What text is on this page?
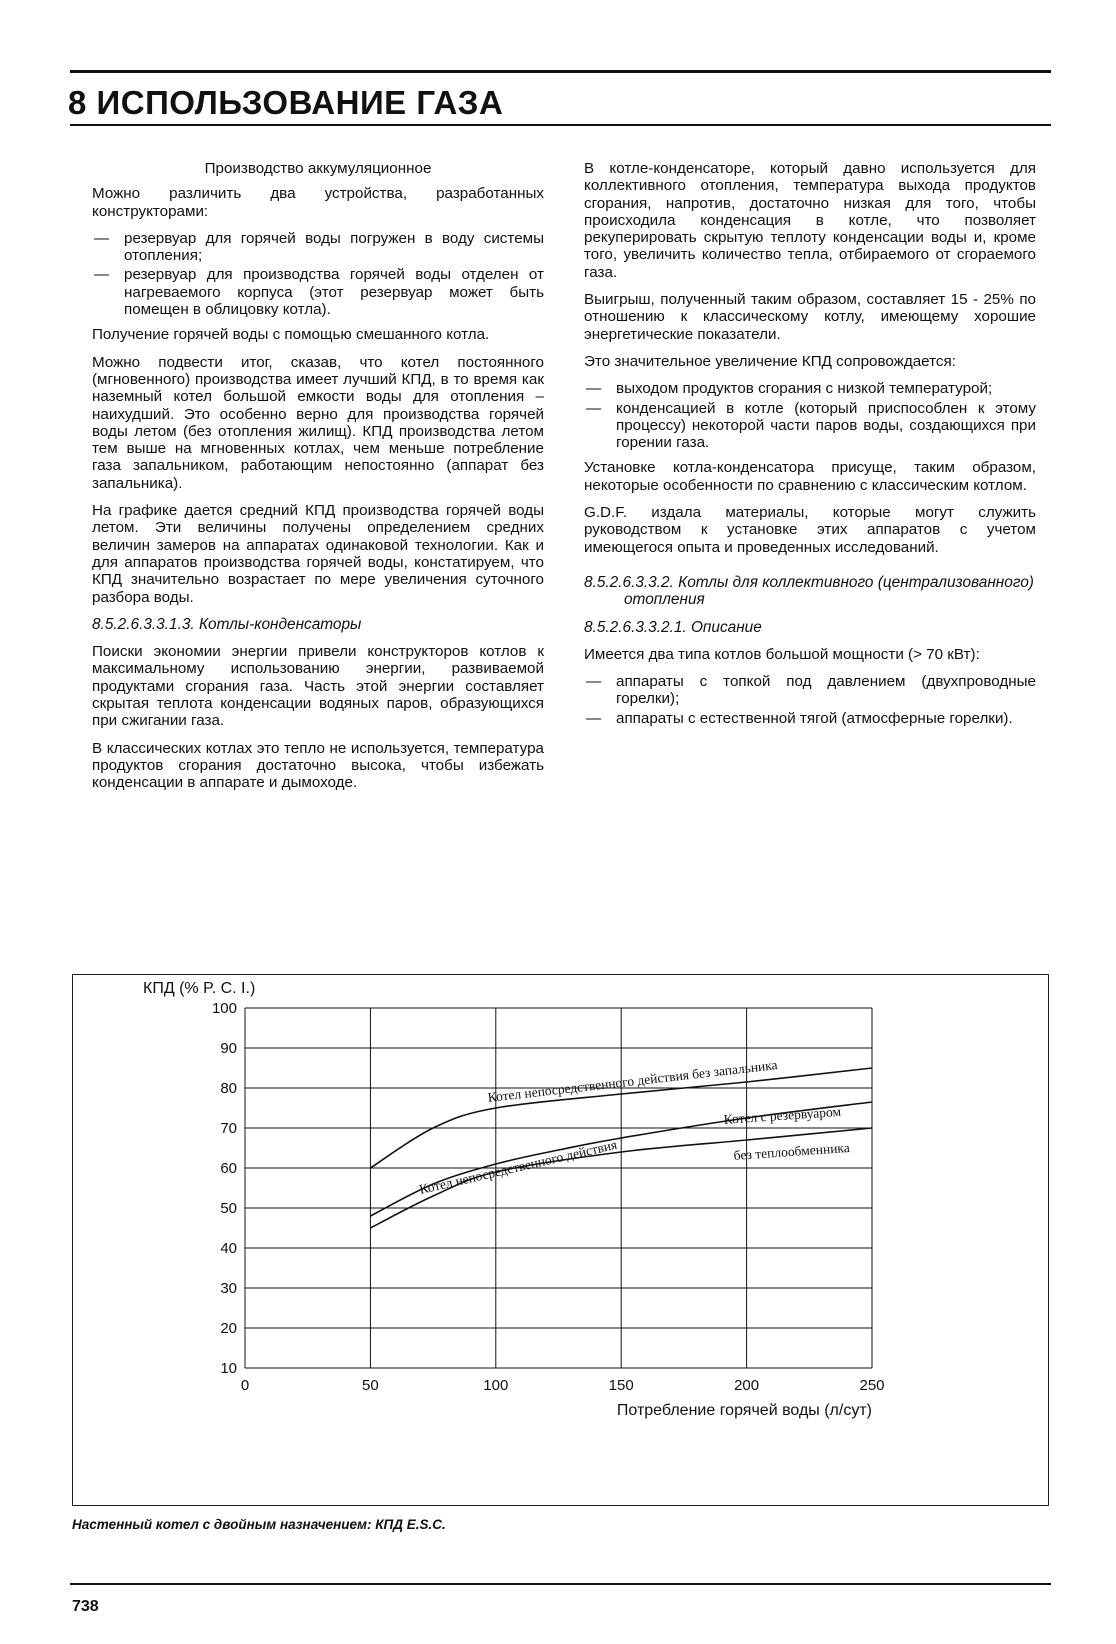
8 ИСПОЛЬЗОВАНИЕ ГАЗА

Производство аккумуляционное

Можно различить два устройства, разработанных конструкторами:

— резервуар для горячей воды погружен в воду системы отопления;
— резервуар для производства горячей воды отделен от нагреваемого корпуса (этот резервуар может быть помещен в облицовку котла).

Получение горячей воды с помощью смешанного котла.

Можно подвести итог, сказав, что котел постоянного (мгновенного) производства имеет лучший КПД, в то время как наземный котел большой емкости воды для отопления – наихудший. Это особенно верно для производства горячей воды летом (без отопления жилищ). КПД производства летом тем выше на мгновенных котлах, чем меньше потребление газа запальником, работающим непостоянно (аппарат без запальника).

На графике дается средний КПД производства горячей воды летом. Эти величины получены определением средних величин замеров на аппаратах одинаковой технологии. Как и для аппаратов производства горячей воды, констатируем, что КПД значительно возрастает по мере увеличения суточного разбора воды.

8.5.2.6.3.3.1.3. Котлы-конденсаторы

Поиски экономии энергии привели конструкторов котлов к максимальному использованию энергии, развиваемой продуктами сгорания газа. Часть этой энергии составляет скрытая теплота конденсации водяных паров, образующихся при сжигании газа.

В классических котлах это тепло не используется, температура продуктов сгорания достаточно высока, чтобы избежать конденсации в аппарате и дымоходе.

В котле-конденсаторе, который давно используется для коллективного отопления, температура выхода продуктов сгорания, напротив, достаточно низкая для того, чтобы происходила конденсация в котле, что позволяет рекуперировать скрытую теплоту конденсации воды и, кроме того, увеличить количество тепла, отбираемого от сгораемого газа.

Выигрыш, полученный таким образом, составляет 15 - 25% по отношению к классическому котлу, имеющему хорошие энергетические показатели.

Это значительное увеличение КПД сопровождается:

— выходом продуктов сгорания с низкой температурой;
— конденсацией в котле (который приспособлен к этому процессу) некоторой части паров воды, создающихся при горении газа.

Установке котла-конденсатора присуще, таким образом, некоторые особенности по сравнению с классическим котлом.

G.D.F. издала материалы, которые могут служить руководством к установке этих аппаратов с учетом имеющегося опыта и проведенных исследований.

8.5.2.6.3.3.2. Котлы для коллективного (централизованного) отопления
8.5.2.6.3.3.2.1. Описание

Имеется два типа котлов большой мощности (> 70 кВт):

— аппараты с топкой под давлением (двухпроводные горелки);
— аппараты с естественной тягой (атмосферные горелки).
КПД (% P. C. I.)
Потребление горячей воды (л/сут)
10
20
30
40
50
60
70
80
90
100
0	50	100	150	200	250
Котел непосредственного действия без запальника
Котел непосредственного действия
Котел с резервуаром
без теплообменника
Настенный котел с двойным назначением: КПД E.S.C.
738
